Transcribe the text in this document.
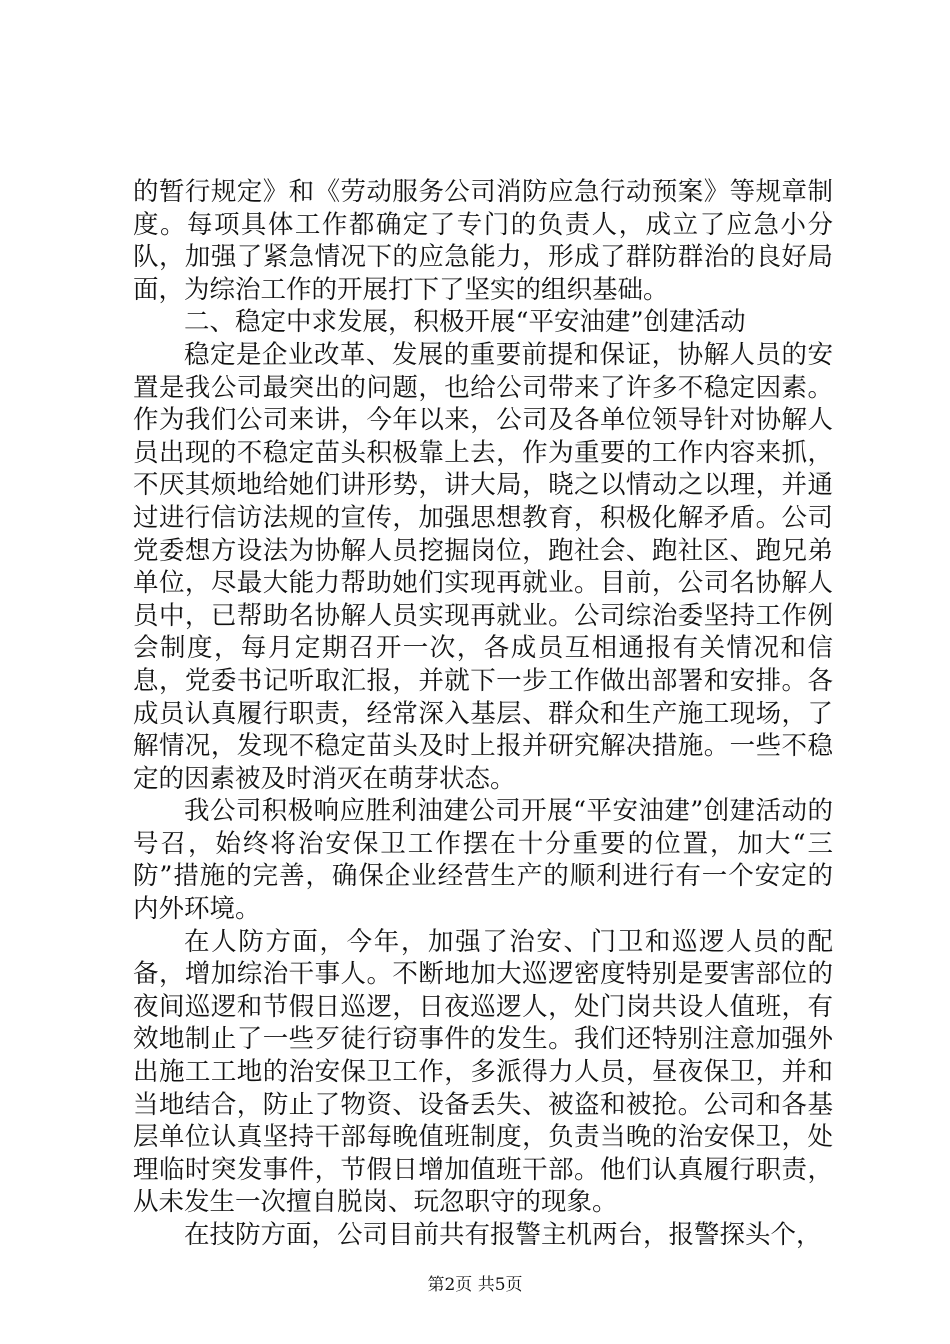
的暂行规定》和《劳动服务公司消防应急行动预案》等规章制度。每项具体工作都确定了专门的负责人，成立了应急小分队，加强了紧急情况下的应急能力，形成了群防群治的良好局面，为综治工作的开展打下了坚实的组织基础。

二、稳定中求发展，积极开展“平安油建”创建活动

稳定是企业改革、发展的重要前提和保证，协解人员的安置是我公司最突出的问题，也给公司带来了许多不稳定因素。作为我们公司来讲，今年以来，公司及各单位领导针对协解人员出现的不稳定苗头积极靠上去，作为重要的工作内容来抓，不厌其烦地给她们讲形势，讲大局，晓之以情动之以理，并通过进行信访法规的宣传，加强思想教育，积极化解矛盾。公司党委想方设法为协解人员挖掘岗位，跑社会、跑社区、跑兄弟单位，尽最大能力帮助她们实现再就业。目前，公司名协解人员中，已帮助名协解人员实现再就业。公司综治委坚持工作例会制度，每月定期召开一次，各成员互相通报有关情况和信息，党委书记听取汇报，并就下一步工作做出部署和安排。各成员认真履行职责，经常深入基层、群众和生产施工现场，了解情况，发现不稳定苗头及时上报并研究解决措施。一些不稳定的因素被及时消灭在萌芽状态。

我公司积极响应胜利油建公司开展“平安油建”创建活动的号召，始终将治安保卫工作摆在十分重要的位置，加大“三防”措施的完善，确保企业经营生产的顺利进行有一个安定的内外环境。

在人防方面，今年，加强了治安、门卫和巡逻人员的配备，增加综治干事人。不断地加大巡逻密度特别是要害部位的夜间巡逻和节假日巡逻，日夜巡逻人，处门岗共设人值班，有效地制止了一些歹徒行窃事件的发生。我们还特别注意加强外出施工工地的治安保卫工作，多派得力人员，昼夜保卫，并和当地结合，防止了物资、设备丢失、被盗和被抢。公司和各基层单位认真坚持干部每晚值班制度，负责当晚的治安保卫，处理临时突发事件，节假日增加值班干部。他们认真履行职责，从未发生一次擅自脱岗、玩忽职守的现象。

在技防方面，公司目前共有报警主机两台，报警探头个，

第2页 共5页
